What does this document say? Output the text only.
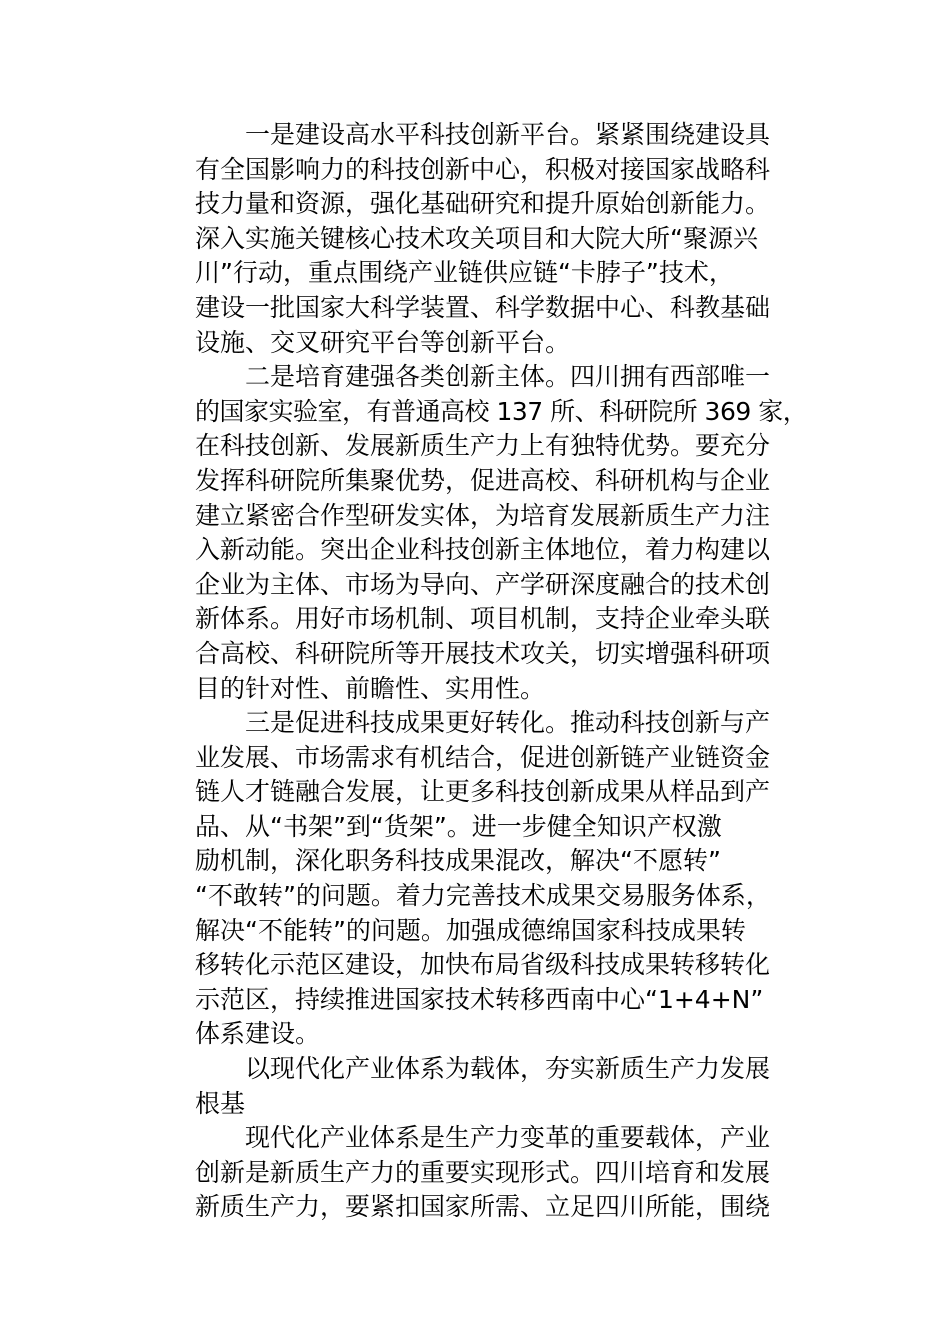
一是建设高水平科技创新平台。紧紧围绕建设具
有全国影响力的科技创新中心，积极对接国家战略科
技力量和资源，强化基础研究和提升原始创新能力。
深入实施关键核心技术攻关项目和大院大所“聚源兴
川”行动，重点围绕产业链供应链“卡脖子”技术，
建设一批国家大科学装置、科学数据中心、科教基础
设施、交叉研究平台等创新平台。

二是培育建强各类创新主体。四川拥有西部唯一
的国家实验室，有普通高校 137 所、科研院所 369 家，
在科技创新、发展新质生产力上有独特优势。要充分
发挥科研院所集聚优势，促进高校、科研机构与企业
建立紧密合作型研发实体，为培育发展新质生产力注
入新动能。突出企业科技创新主体地位，着力构建以
企业为主体、市场为导向、产学研深度融合的技术创
新体系。用好市场机制、项目机制，支持企业牵头联
合高校、科研院所等开展技术攻关，切实增强科研项
目的针对性、前瞻性、实用性。

三是促进科技成果更好转化。推动科技创新与产
业发展、市场需求有机结合，促进创新链产业链资金
链人才链融合发展，让更多科技创新成果从样品到产
品、从“书架”到“货架”。进一步健全知识产权激
励机制，深化职务科技成果混改，解决“不愿转”
“不敢转”的问题。着力完善技术成果交易服务体系，
解决“不能转”的问题。加强成德绵国家科技成果转
移转化示范区建设，加快布局省级科技成果转移转化
示范区，持续推进国家技术转移西南中心“1+4+N”
体系建设。

以现代化产业体系为载体，夯实新质生产力发展
根基

现代化产业体系是生产力变革的重要载体，产业
创新是新质生产力的重要实现形式。四川培育和发展
新质生产力，要紧扣国家所需、立足四川所能，围绕
